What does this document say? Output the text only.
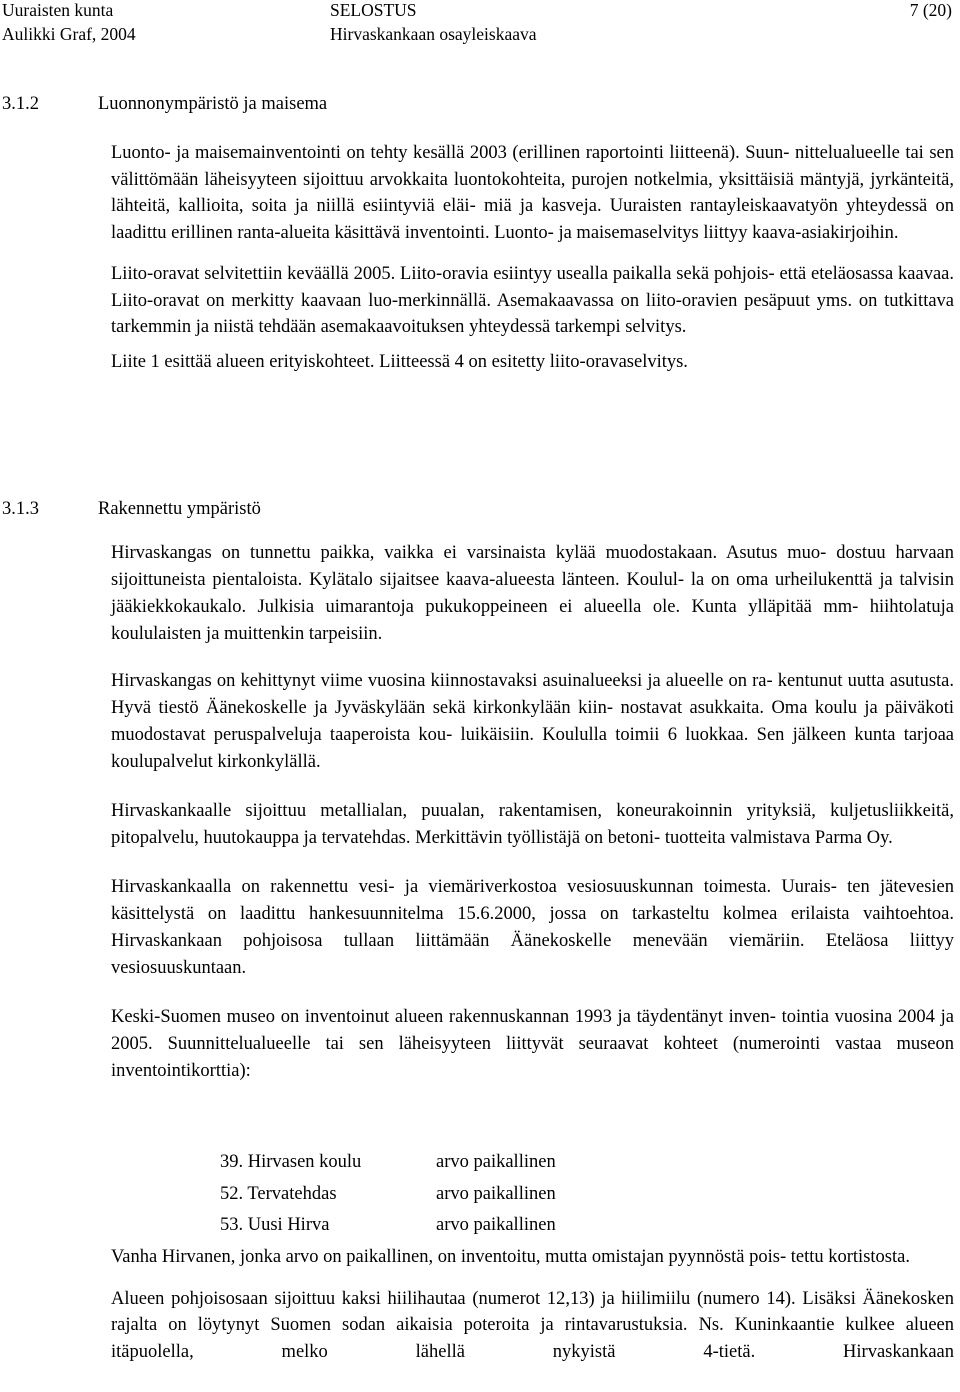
Uuraisten kunta
Aulikki Graf, 2004
SELOSTUS
Hirvaskankaan osayleiskaava
7 (20)
3.1.2	Luonnonympäristö ja maisema

Luonto- ja maisemainventointi on tehty kesällä 2003 (erillinen raportointi liitteenä). Suun- nittelualueelle tai sen välittömään läheisyyteen sijoittuu arvokkaita luontokohteita, purojen notkelmia, yksittäisiä mäntyjä, jyrkänteitä, lähteitä, kallioita, soita ja niillä esiintyviä eläi- miä ja kasveja. Uuraisten rantayleiskaavatyön yhteydessä on laadittu erillinen ranta-alueita käsittävä inventointi. Luonto- ja maisemaselvitys liittyy kaava-asiakirjoihin.

Liito-oravat selvitettiin keväällä 2005. Liito-oravia esiintyy usealla paikalla sekä pohjois- että eteläosassa kaavaa. Liito-oravat on merkitty kaavaan luo-merkinnällä. Asemakaavassa on liito-oravien pesäpuut yms. on tutkittava tarkemmin ja niistä tehdään asemakaavoituksen yhteydessä tarkempi selvitys.

Liite 1 esittää alueen erityiskohteet. Liitteessä 4 on esitetty liito-oravaselvitys.

3.1.3	Rakennettu ympäristö

Hirvaskangas on tunnettu paikka, vaikka ei varsinaista kylää muodostakaan. Asutus muo- dostuu harvaan sijoittuneista pientaloista. Kylätalo sijaitsee kaava-alueesta länteen. Koulul- la on oma urheilukenttä ja talvisin jääkiekkokaukalo. Julkisia uimarantoja pukukoppeineen ei alueella ole. Kunta ylläpitää mm- hiihtolatuja koululaisten ja muittenkin tarpeisiin.

Hirvaskangas on kehittynyt viime vuosina kiinnostavaksi asuinalueeksi ja alueelle on ra- kentunut uutta asutusta. Hyvä tiestö Äänekoskelle ja Jyväskylään sekä kirkonkylään kiin- nostavat asukkaita. Oma koulu ja päiväkoti muodostavat peruspalveluja taaperoista kou- luikäisiin. Koululla toimii 6 luokkaa. Sen jälkeen kunta tarjoaa koulupalvelut kirkonkylällä.

Hirvaskankaalle sijoittuu metallialan, puualan, rakentamisen, koneurakoinnin yrityksiä, kuljetusliikkeitä, pitopalvelu, huutokauppa ja tervatehdas. Merkittävin työllistäjä on betoni- tuotteita valmistava Parma Oy.

Hirvaskankaalla on rakennettu vesi- ja viemäriverkostoa vesiosuuskunnan toimesta. Uurais- ten jätevesien käsittelystä on laadittu hankesuunnitelma 15.6.2000, jossa on tarkasteltu kolmea erilaista vaihtoehtoa. Hirvaskankaan pohjoisosa tullaan liittämään Äänekoskelle menevään viemäriin. Eteläosa liittyy vesiosuuskuntaan.

Keski-Suomen museo on inventoinut alueen rakennuskannan 1993 ja täydentänyt inven- tointia vuosina 2004 ja 2005. Suunnittelualueelle tai sen läheisyyteen liittyvät seuraavat kohteet (numerointi vastaa museon inventointikorttia):

39. Hirvasen koulu	arvo paikallinen
52. Tervatehdas	arvo paikallinen
53. Uusi Hirva	arvo paikallinen

Vanha Hirvanen, jonka arvo on paikallinen, on inventoitu, mutta omistajan pyynnöstä pois- tettu kortistosta.

Alueen pohjoisosaan sijoittuu kaksi hiilihautaa (numerot 12,13) ja hiilimiilu (numero 14). Lisäksi Äänekosken rajalta on löytynyt Suomen sodan aikaisia poteroita ja rintavarustuksia. Ns. Kuninkaantie kulkee alueen itäpuolella, melko lähellä nykyistä 4-tietä. Hirvaskankaan
